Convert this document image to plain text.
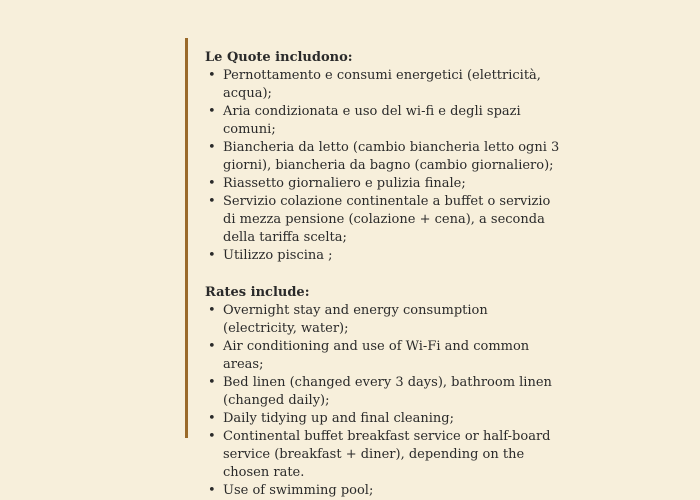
Le Quote includono:

• Pernottamento e consumi energetici (elettricità, acqua);
• Aria condizionata e uso del wi-fi e degli spazi comuni;
• Biancheria da letto (cambio biancheria letto ogni 3 giorni), biancheria da bagno (cambio giornaliero);
• Riassetto giornaliero e pulizia finale;
• Servizio colazione continentale a buffet o servizio di mezza pensione (colazione + cena), a seconda della tariffa scelta;
• Utilizzo piscina ;

Rates include:

• Overnight stay and energy consumption (electricity, water);
• Air conditioning and use of Wi-Fi and common areas;
• Bed linen (changed every 3 days), bathroom linen (changed daily);
• Daily tidying up and final cleaning;
• Continental buffet breakfast service or half-board service (breakfast + diner), depending on the chosen rate.
• Use of swimming pool;
